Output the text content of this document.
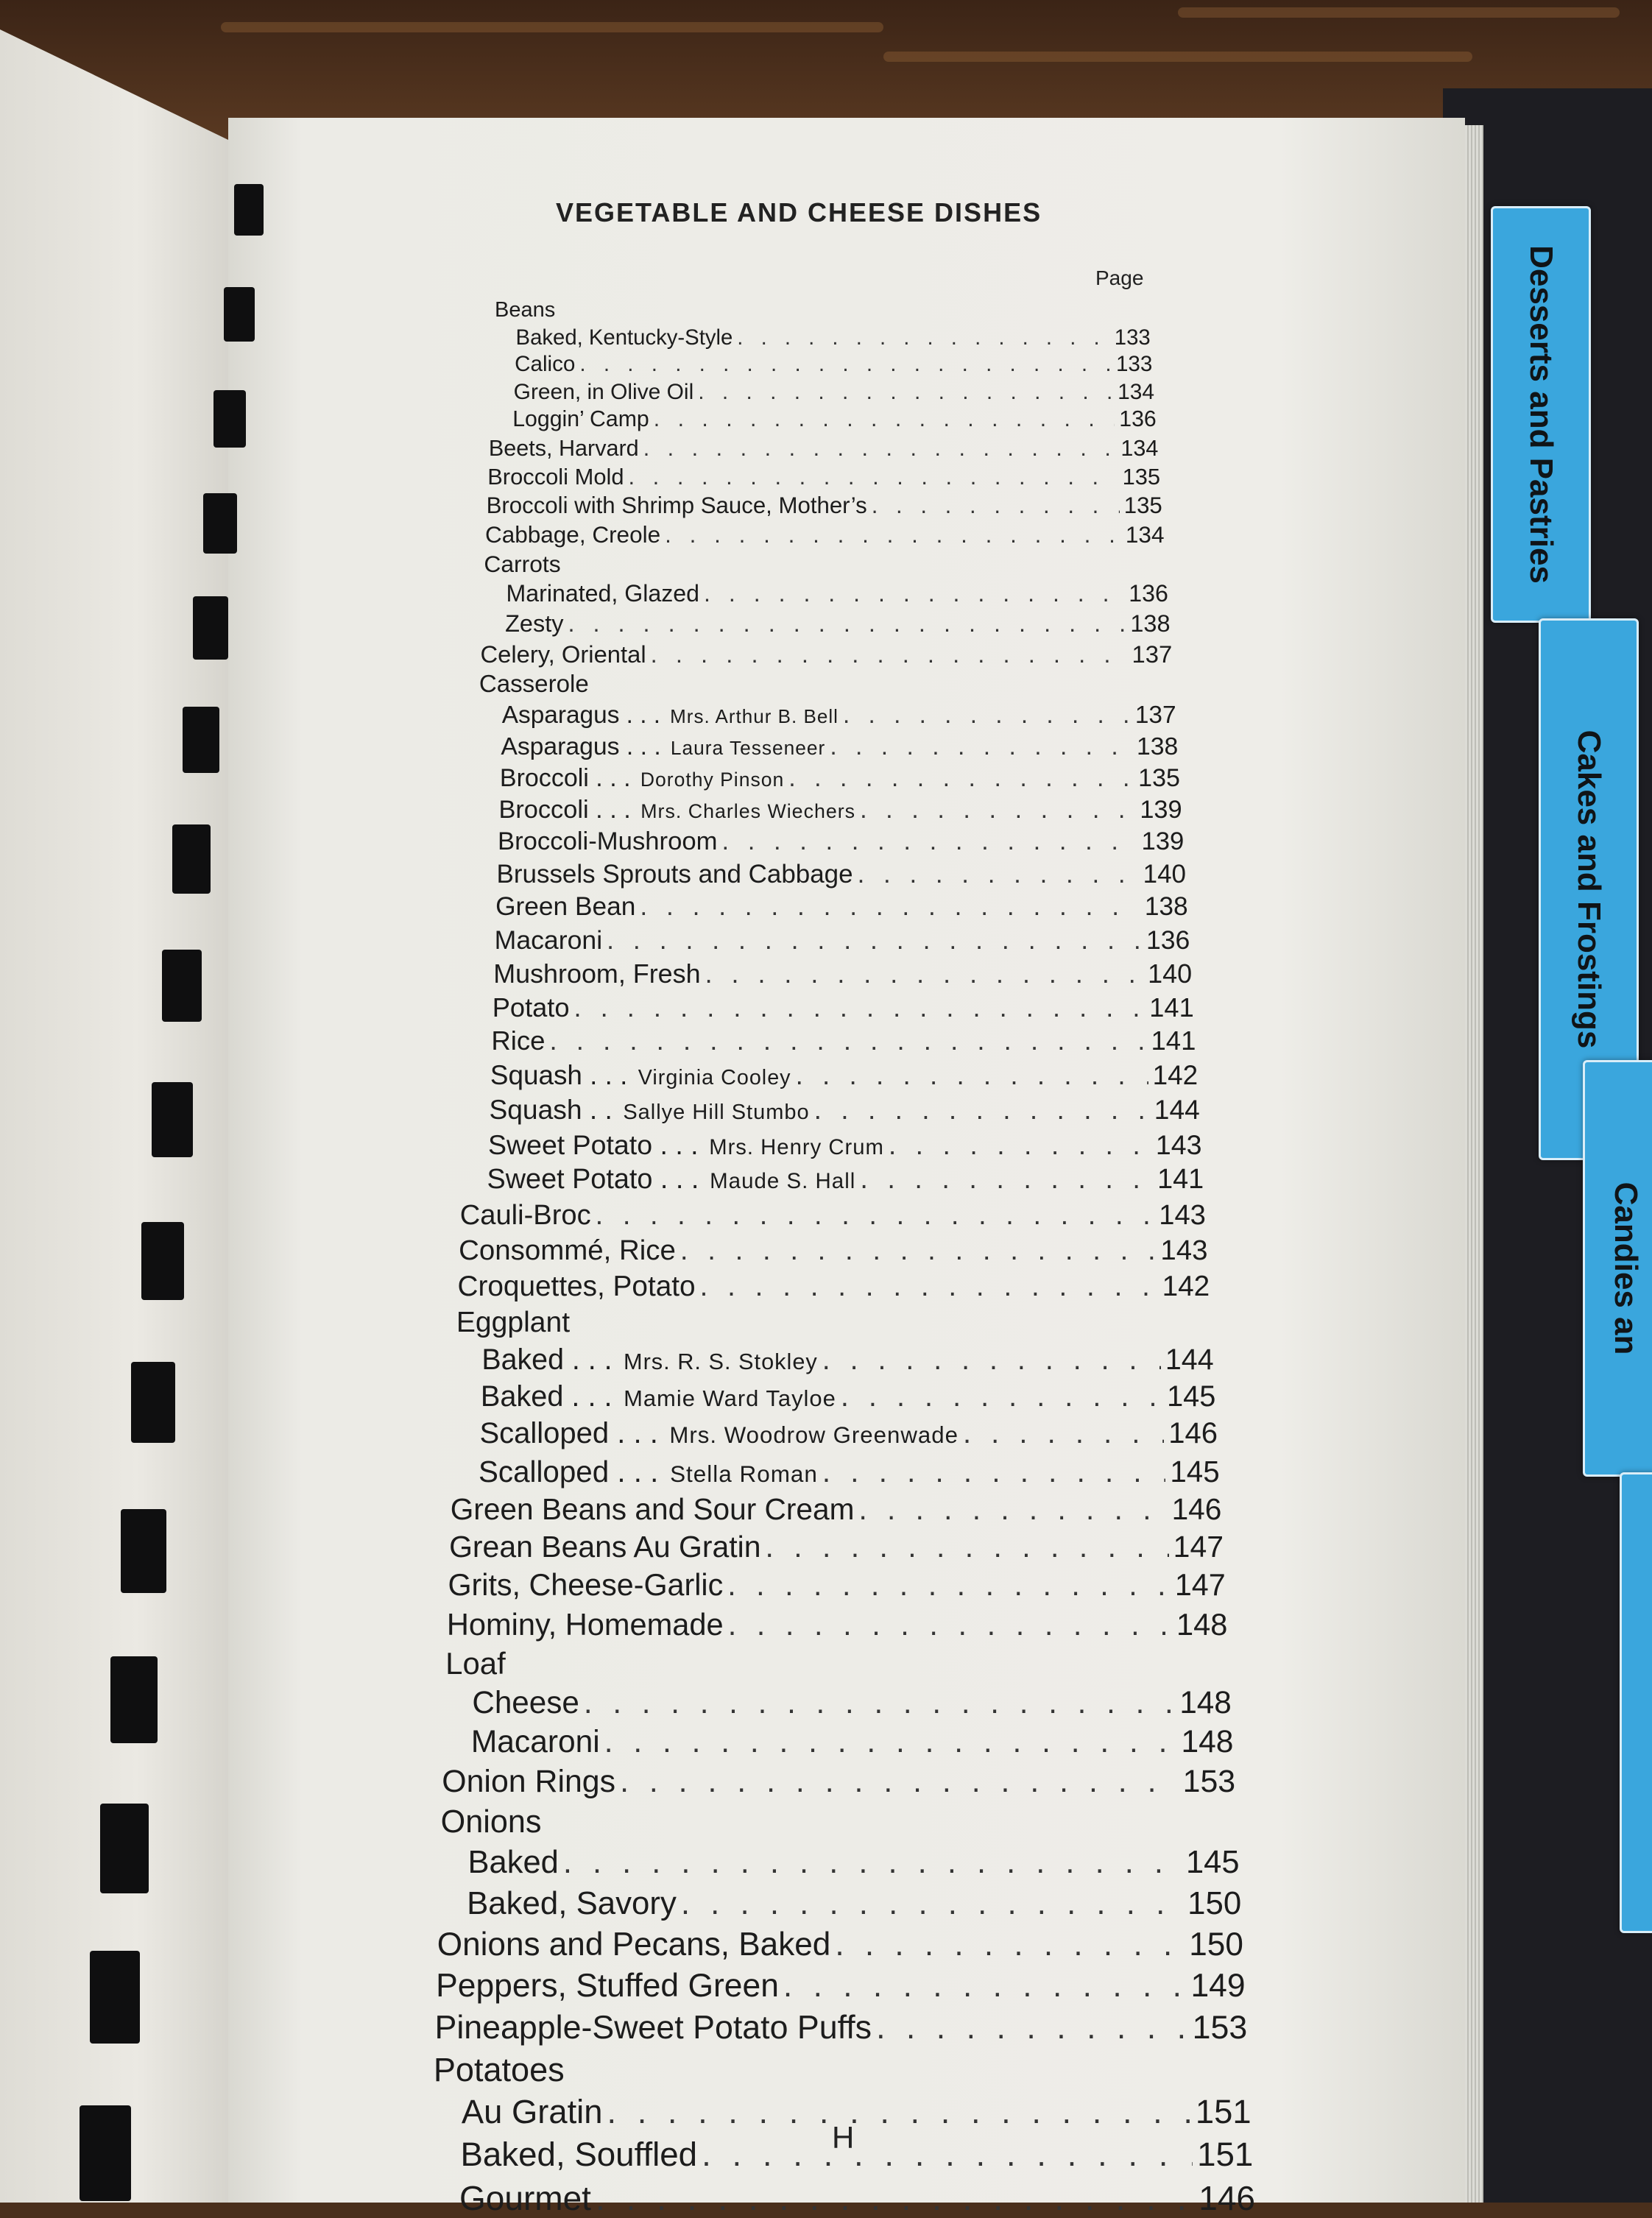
Desserts and Pastries
Cakes and Frostings
Candies an
VEGETABLE AND CHEESE DISHES
Page
Beans
Baked, Kentucky-Style . . .	133
Calico . . .	133
Green, in Olive Oil . . .	134
Loggin’ Camp . . .	136
Beets, Harvard . . .	134
Broccoli Mold . . .	135
Broccoli with Shrimp Sauce, Mother’s . . .	135
Cabbage, Creole . . .	134
Carrots
Marinated, Glazed . . .	136
Zesty . . .	138
Celery, Oriental . . .	137
Casserole
Asparagus . . . Mrs. Arthur B. Bell . . .	137
Asparagus . . . Laura Tesseneer . . .	138
Broccoli . . . Dorothy Pinson . . .	135
Broccoli . . . Mrs. Charles Wiechers . . .	139
Broccoli-Mushroom . . .	139
Brussels Sprouts and Cabbage . . .	140
Green Bean . . .	138
Macaroni . . .	136
Mushroom, Fresh . . .	140
Potato . . .	141
Rice . . .	141
Squash . . . Virginia Cooley . . .	142
Squash . . Sallye Hill Stumbo . . .	144
Sweet Potato . . . Mrs. Henry Crum . . .	143
Sweet Potato . . . Maude S. Hall . . .	141
Cauli-Broc . . .	143
Consommé, Rice . . .	143
Croquettes, Potato . . .	142
Eggplant
Baked . . . Mrs. R. S. Stokley . . .	144
Baked . . . Mamie Ward Tayloe . . .	145
Scalloped . . . Mrs. Woodrow Greenwade . . .	146
Scalloped . . . Stella Roman . . .	145
Green Beans and Sour Cream . . .	146
Grean Beans Au Gratin . . .	147
Grits, Cheese-Garlic . . .	147
Hominy, Homemade . . .	148
Loaf
Cheese . . .	148
Macaroni . . .	148
Onion Rings . . .	153
Onions
Baked . . .	145
Baked, Savory . . .	150
Onions and Pecans, Baked . . .	150
Peppers, Stuffed Green . . .	149
Pineapple-Sweet Potato Puffs . . .	153
Potatoes
Au Gratin . . .	151
Baked, Souffled . . .	151
Gourmet . . .	146
H
